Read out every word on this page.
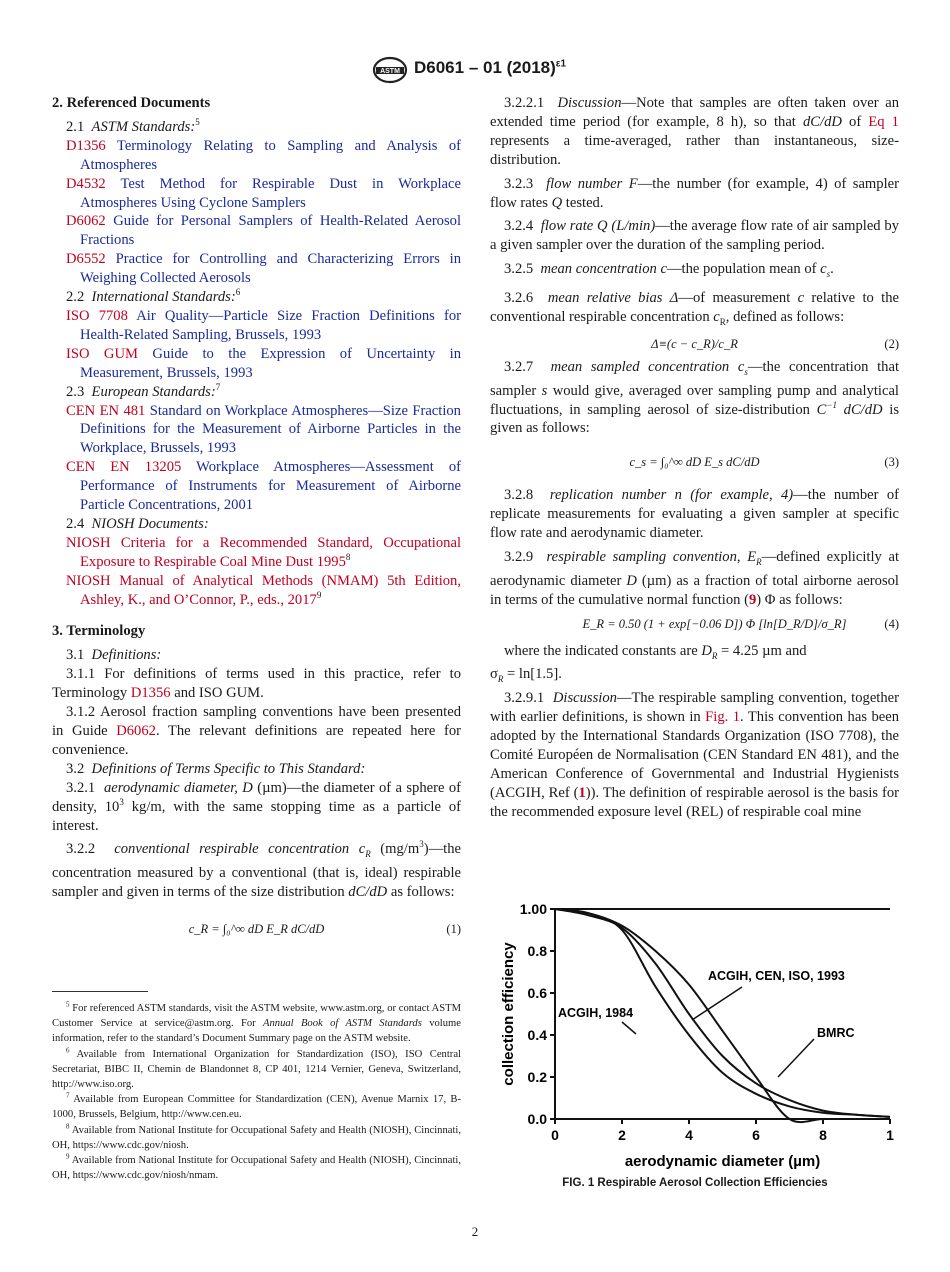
ASTM D6061 – 01 $(2018)^{\varepsilon 1}$

2. Referenced Documents

2.1 ASTM Standards:$^5$

D1356 Terminology Relating to Sampling and Analysis of Atmospheres

D4532 Test Method for Respirable Dust in Workplace Atmospheres Using Cyclone Samplers

D6062 Guide for Personal Samplers of Health-Related Aerosol Fractions

D6552 Practice for Controlling and Characterizing Errors in Weighing Collected Aerosols

2.2 International Standards:$^6$

ISO 7708 Air Quality—Particle Size Fraction Definitions for Health-Related Sampling, Brussels, 1993

ISO GUM Guide to the Expression of Uncertainty in Measurement, Brussels, 1993

2.3 European Standards:$^7$

CEN EN 481 Standard on Workplace Atmospheres—Size Fraction Definitions for the Measurement of Airborne Particles in the Workplace, Brussels, 1993

CEN EN 13205 Workplace Atmospheres—Assessment of Performance of Instruments for Measurement of Airborne Particle Concentrations, 2001

2.4 NIOSH Documents:

NIOSH Criteria for a Recommended Standard, Occupational Exposure to Respirable Coal Mine Dust 1995$^8$

NIOSH Manual of Analytical Methods (NMAM) 5th Edition, Ashley, K., and O’Connor, P., eds., 2017$^9$

3. Terminology

3.1 Definitions:

3.1.1 For definitions of terms used in this practice, refer to Terminology D1356 and ISO GUM.

3.1.2 Aerosol fraction sampling conventions have been presented in Guide D6062. The relevant definitions are repeated here for convenience.

3.2 Definitions of Terms Specific to This Standard:

3.2.1 aerodynamic diameter, D (µm)—the diameter of a sphere of density, $10^3$ kg/m, with the same stopping time as a particle of interest.

3.2.2 conventional respirable concentration $c_R$ $(mg/m^3)—the$ concentration measured by a conventional (that is, ideal) respirable sampler and given in terms of the size distribution dC/dD as follows:

c_R = ∫₀^∞ dD E_R dC/dD	(1)

3.2.2.1 Discussion—Note that samples are often taken over an extended time period (for example, 8 h), so that dC/dD of Eq 1 represents a time-averaged, rather than instantaneous, size-distribution.

3.2.3 flow number F—the number (for example, 4) of sampler flow rates Q tested.

3.2.4 flow rate Q (L/min)—the average flow rate of air sampled by a given sampler over the duration of the sampling period.

3.2.5 mean concentration c—the population mean of $c_s$.

3.2.6 mean relative bias Δ—of measurement c relative to the conventional respirable concentration $c_R$, defined as follows:

Δ≡(c − c_R)/c_R	(2)

3.2.7 mean sampled concentration $c_s—the$ concentration that sampler s would give, averaged over sampling pump and analytical fluctuations, in sampling aerosol of size-distribution $C^{-1}$ dC/dD is given as follows:

c_s = ∫₀^∞ dD E_s dC/dD	(3)

3.2.8 replication number n (for example, 4)—the number of replicate measurements for evaluating a given sampler at specific flow rate and aerodynamic diameter.

3.2.9 respirable sampling convention, $E_R—defined$ explicitly at aerodynamic diameter D (µm) as a fraction of total airborne aerosol in terms of the cumulative normal function (9) Φ as follows:

E_R = 0.50 (1 + exp[−0.06 D]) Φ [ln[D_R/D]/σ_R]	(4)

where the indicated constants are $D_R = 4.25$ µm and

$\sigma_R = \ln[1.5]$.

3.2.9.1 Discussion—The respirable sampling convention, together with earlier definitions, is shown in Fig. 1. This convention has been adopted by the International Standards Organization (ISO 7708), the Comité Européen de Normalisation (CEN Standard EN 481), and the American Conference of Governmental and Industrial Hygienists (ACGIH, Ref (1)). The definition of respirable aerosol is the basis for the recommended exposure level (REL) of respirable coal mine

0.0
0.2
0.4
0.6
0.8
1.00
0	2	4	6	8	1
aerodynamic diameter (µm)
collection efficiency	ACGIH, CEN, ISO, 1993
ACGIH, 1984
BMRC
FIG. 1 Respirable Aerosol Collection Efficiencies

$^5$ For referenced ASTM standards, visit the ASTM website, www.astm.org, or contact ASTM Customer Service at service@astm.org. For Annual Book of ASTM Standards volume information, refer to the standard’s Document Summary page on the ASTM website.

$^6$ Available from International Organization for Standardization (ISO), ISO Central Secretariat, BIBC II, Chemin de Blandonnet 8, CP 401, 1214 Vernier, Geneva, Switzerland, http://www.iso.org.

$^7$ Available from European Committee for Standardization (CEN), Avenue Marnix 17, B-1000, Brussels, Belgium, http://www.cen.eu.

$^8$ Available from National Institute for Occupational Safety and Health (NIOSH), Cincinnati, OH, https://www.cdc.gov/niosh.

$^9$ Available from National Institute for Occupational Safety and Health (NIOSH), Cincinnati, OH, https://www.cdc.gov/niosh/nmam.

2
